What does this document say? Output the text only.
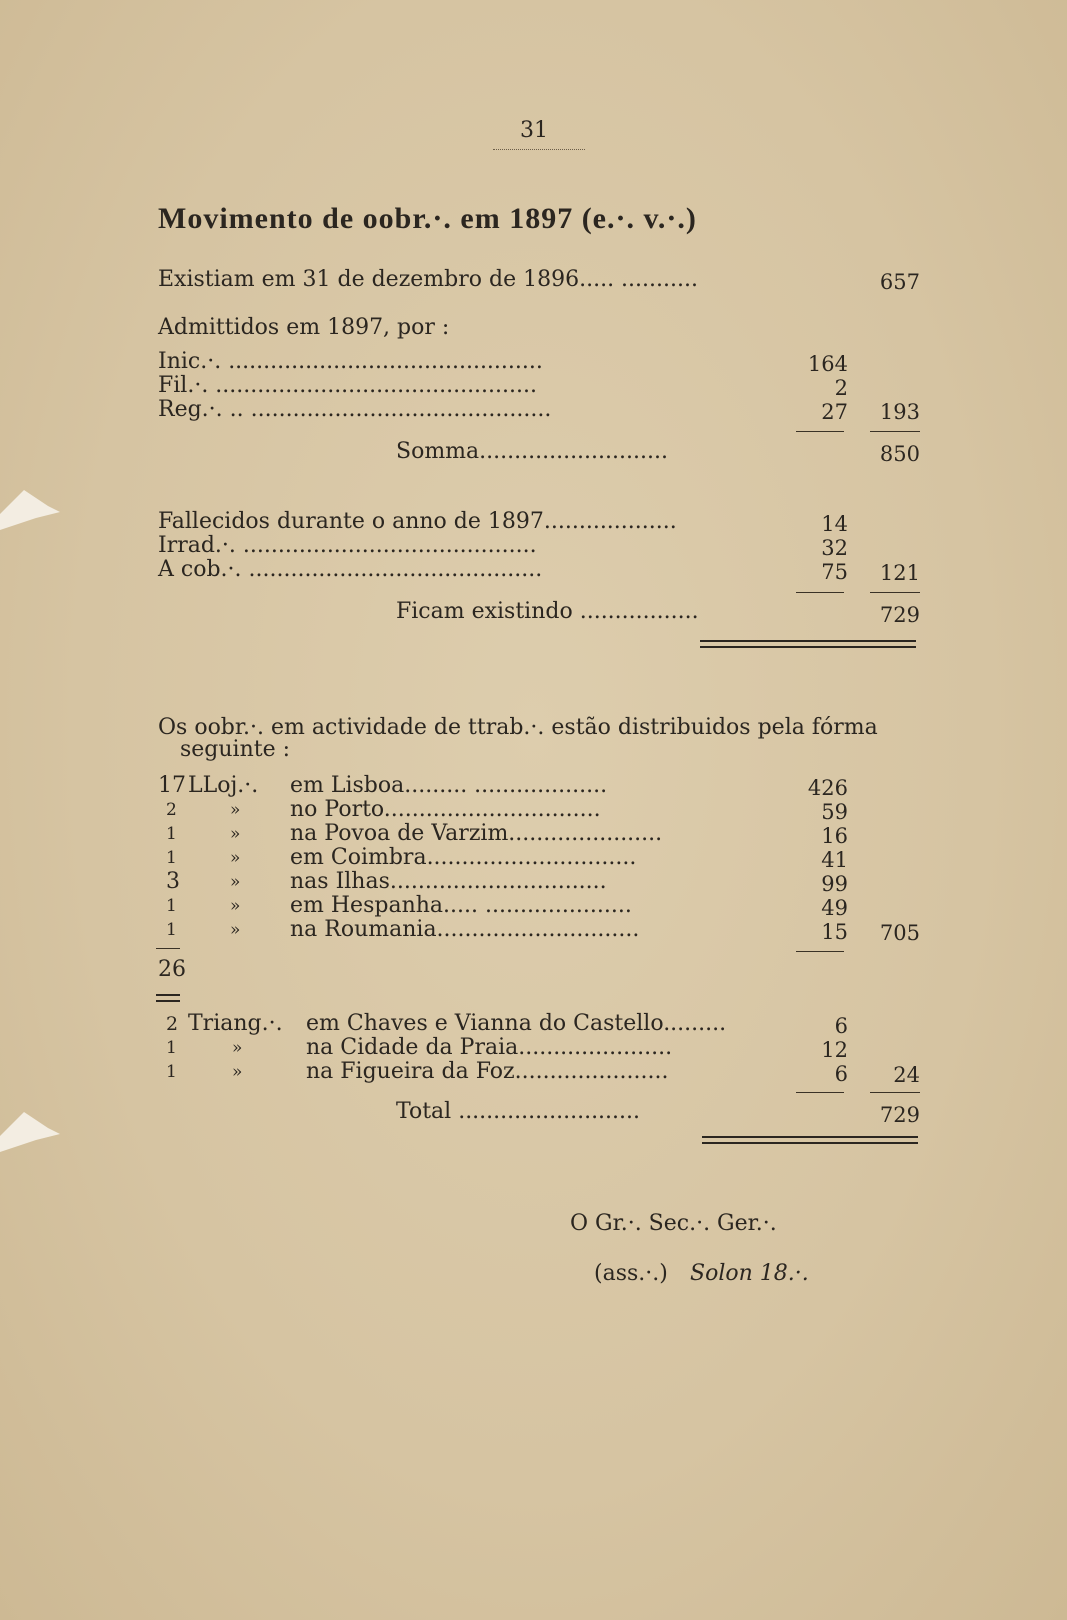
31
Movimento de oobr.·. em 1897 (e.·. v.·.)
Existiam em 31 de dezembro de 1896..... ...........	657
Admittidos em 1897, por :
Inic.·. .............................................	164
Fil.·. ..............................................	2
Reg.·. .. ...........................................	27	193
Somma...........................	850
Fallecidos durante o anno de 1897...................	14
Irrad.·. ..........................................	32
A cob.·. ..........................................	75	121
Ficam existindo .................	729
Os oobr.·. em actividade de ttrab.·. estão distribuidos pela fórma
seguinte :
17 LLoj.·. em Lisboa......... ...................	426
2	» no Porto...............................	59
1	» na Povoa de Varzim......................	16
1	» em Coimbra..............................	41
3	» nas Ilhas...............................	99
1	» em Hespanha..... .....................	49
1	» na Roumania.............................	15	705
26
2 Triang.·. em Chaves e Vianna do Castello.........	6
1	»	na Cidade da Praia......................	12
1	»	na Figueira da Foz......................	6	24
Total ..........................	729
O Gr.·. Sec.·. Ger.·.
(ass.·.) Solon 18.·.
